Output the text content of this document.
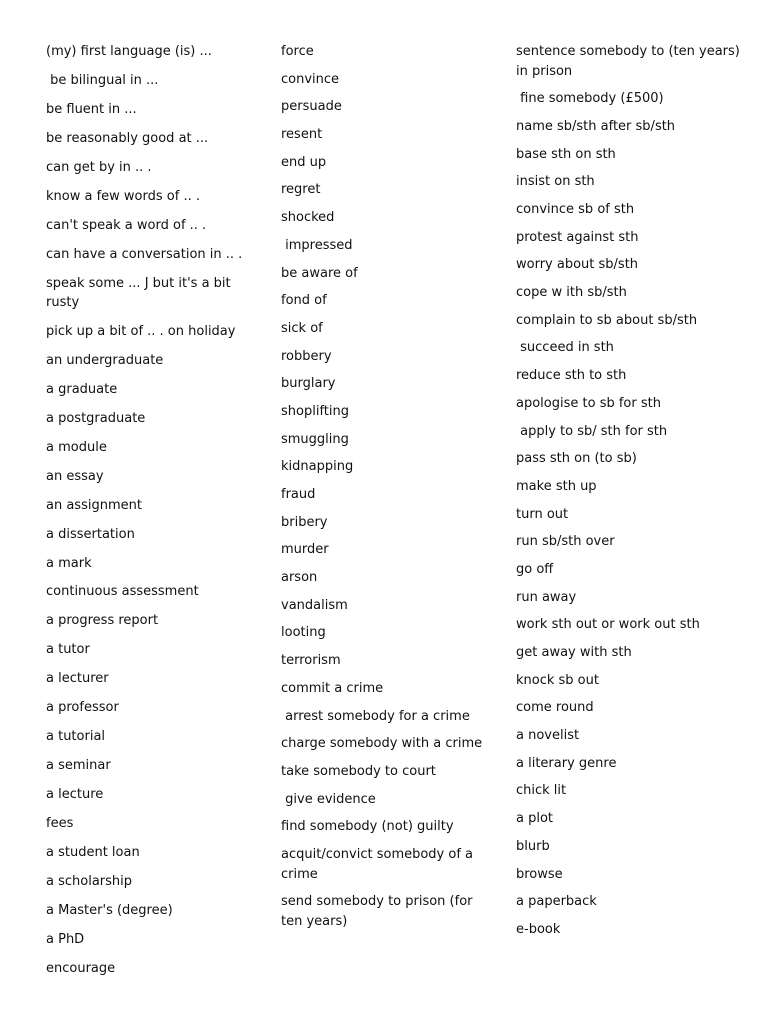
(my) first language (is) ...
be bilingual in ...
be fluent in ...
be reasonably good at ...
can get by in .. .
know a few words of .. .
can't speak a word of .. .
can have a conversation in .. .
speak some ... J but it's a bit rusty
pick up a bit of .. . on holiday
an undergraduate
a graduate
a postgraduate
a module
an essay
an assignment
a dissertation
a mark
continuous assessment
a progress report
a tutor
a lecturer
a professor
a tutorial
a seminar
a lecture
fees
a student loan
a scholarship
a Master's (degree)
a PhD
encourage
force
convince
persuade
resent
end up
regret
shocked
impressed
be aware of
fond of
sick of
robbery
burglary
shoplifting
smuggling
kidnapping
fraud
bribery
murder
arson
vandalism
looting
terrorism
commit a crime
arrest somebody for a crime
charge somebody with a crime
take somebody to court
give evidence
find somebody (not) guilty
acquit/convict somebody of a crime
send somebody to prison (for ten years)
sentence somebody to (ten years) in prison
fine somebody (£500)
name sb/sth after sb/sth
base sth on sth
insist on sth
convince sb of sth
protest against sth
worry about sb/sth
cope w ith sb/sth
complain to sb about sb/sth
succeed in sth
reduce sth to sth
apologise to sb for sth
apply to sb/ sth for sth
pass sth on (to sb)
make sth up
turn out
run sb/sth over
go off
run away
work sth out or work out sth
get away with sth
knock sb out
come round
a novelist
a literary genre
chick lit
a plot
blurb
browse
a paperback
e-book
